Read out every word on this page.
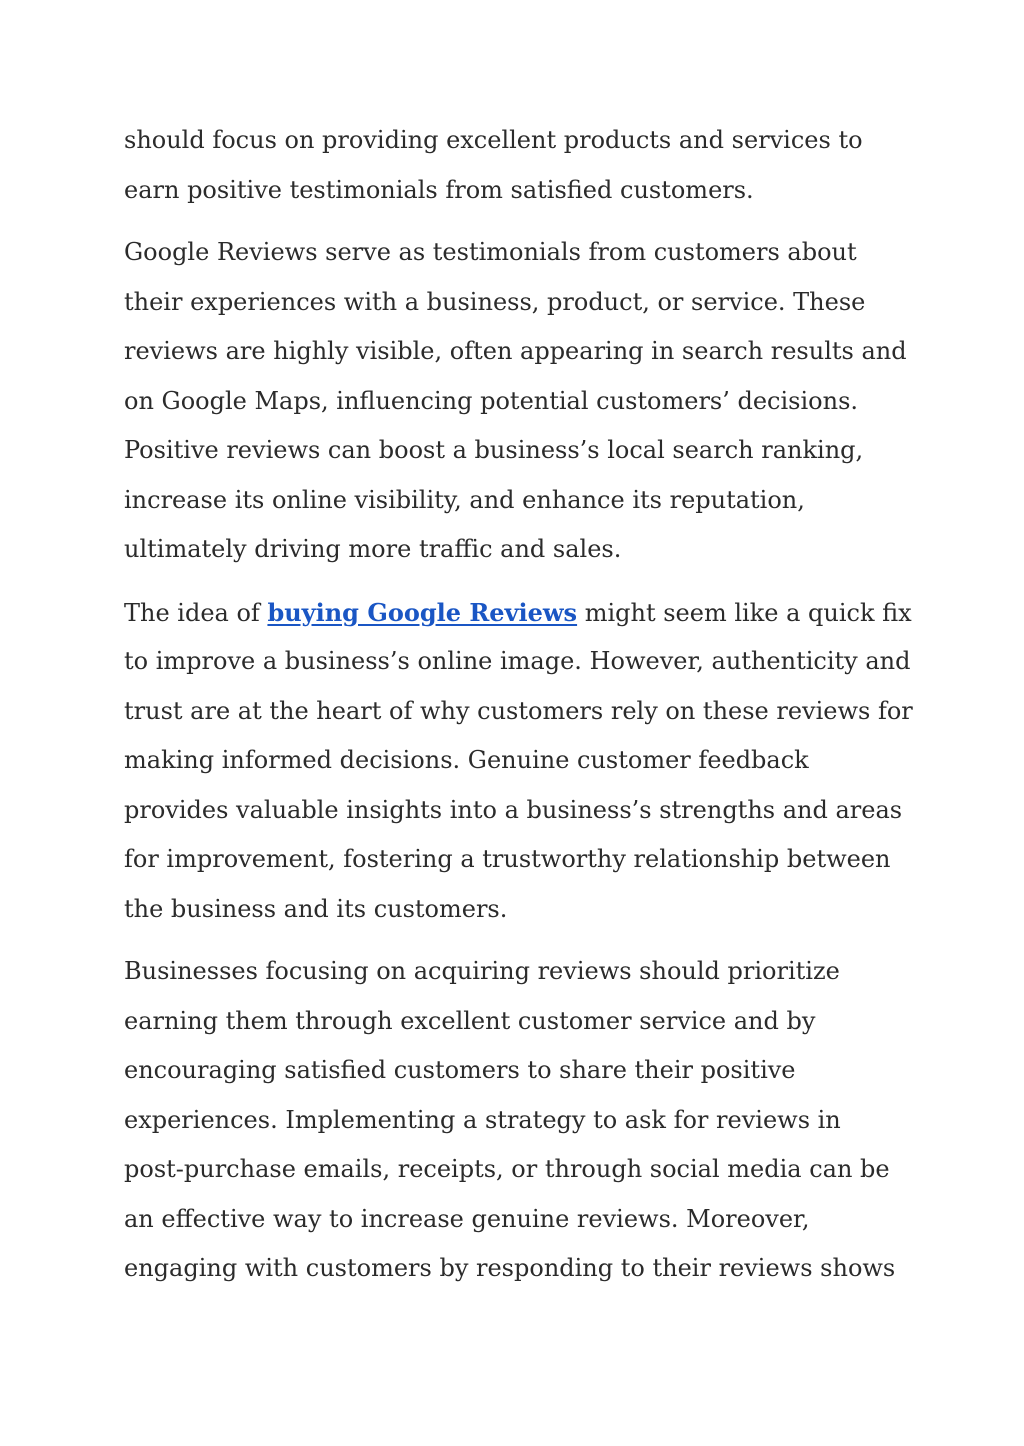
should focus on providing excellent products and services to
earn positive testimonials from satisfied customers.

Google Reviews serve as testimonials from customers about
their experiences with a business, product, or service. These
reviews are highly visible, often appearing in search results and
on Google Maps, influencing potential customers’ decisions.
Positive reviews can boost a business’s local search ranking,
increase its online visibility, and enhance its reputation,
ultimately driving more traffic and sales.

The idea of buying Google Reviews might seem like a quick fix
to improve a business’s online image. However, authenticity and
trust are at the heart of why customers rely on these reviews for
making informed decisions. Genuine customer feedback
provides valuable insights into a business’s strengths and areas
for improvement, fostering a trustworthy relationship between
the business and its customers.

Businesses focusing on acquiring reviews should prioritize
earning them through excellent customer service and by
encouraging satisfied customers to share their positive
experiences. Implementing a strategy to ask for reviews in
post-purchase emails, receipts, or through social media can be
an effective way to increase genuine reviews. Moreover,
engaging with customers by responding to their reviews shows
